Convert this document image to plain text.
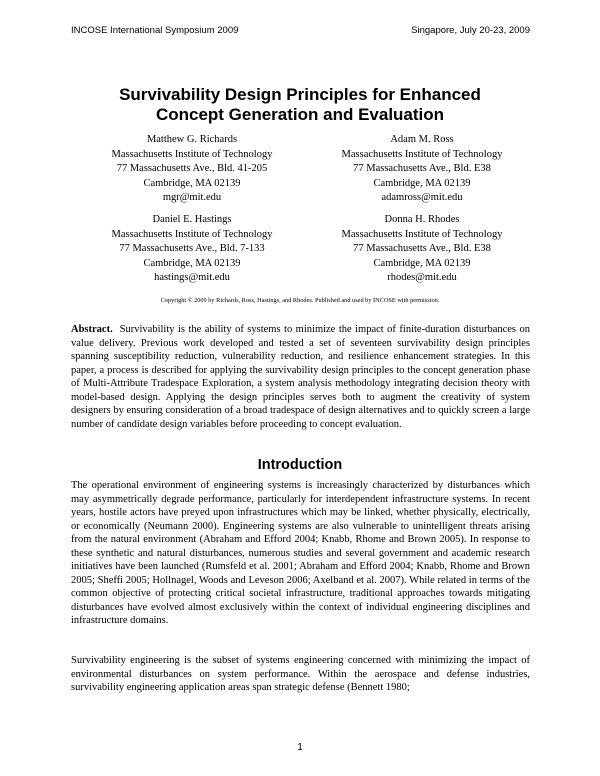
INCOSE International Symposium 2009	Singapore, July 20-23, 2009
Survivability Design Principles for Enhanced
Concept Generation and Evaluation
Matthew G. Richards
Massachusetts Institute of Technology
77 Massachusetts Ave., Bld. 41-205
Cambridge, MA 02139
mgr@mit.edu
Adam M. Ross
Massachusetts Institute of Technology
77 Massachusetts Ave., Bld. E38
Cambridge, MA 02139
adamross@mit.edu
Daniel E. Hastings
Massachusetts Institute of Technology
77 Massachusetts Ave., Bld. 7-133
Cambridge, MA 02139
hastings@mit.edu
Donna H. Rhodes
Massachusetts Institute of Technology
77 Massachusetts Ave., Bld. E38
Cambridge, MA 02139
rhodes@mit.edu
Copyright © 2009 by Richards, Ross, Hastings, and Rhodes. Published and used by INCOSE with permission.

Abstract. Survivability is the ability of systems to minimize the impact of finite-duration disturbances on value delivery. Previous work developed and tested a set of seventeen survivability design principles spanning susceptibility reduction, vulnerability reduction, and resilience enhancement strategies. In this paper, a process is described for applying the survivability design principles to the concept generation phase of Multi-Attribute Tradespace Exploration, a system analysis methodology integrating decision theory with model-based design. Applying the design principles serves both to augment the creativity of system designers by ensuring consideration of a broad tradespace of design alternatives and to quickly screen a large number of candidate design variables before proceeding to concept evaluation.

Introduction

The operational environment of engineering systems is increasingly characterized by disturbances which may asymmetrically degrade performance, particularly for interdependent infrastructure systems. In recent years, hostile actors have preyed upon infrastructures which may be linked, whether physically, electrically, or economically (Neumann 2000). Engineering systems are also vulnerable to unintelligent threats arising from the natural environment (Abraham and Efford 2004; Knabb, Rhome and Brown 2005). In response to these synthetic and natural disturbances, numerous studies and several government and academic research initiatives have been launched (Rumsfeld et al. 2001; Abraham and Efford 2004; Knabb, Rhome and Brown 2005; Sheffi 2005; Hollnagel, Woods and Leveson 2006; Axelband et al. 2007). While related in terms of the common objective of protecting critical societal infrastructure, traditional approaches towards mitigating disturbances have evolved almost exclusively within the context of individual engineering disciplines and infrastructure domains.

Survivability engineering is the subset of systems engineering concerned with minimizing the impact of environmental disturbances on system performance. Within the aerospace and defense industries, survivability engineering application areas span strategic defense (Bennett 1980;

1
